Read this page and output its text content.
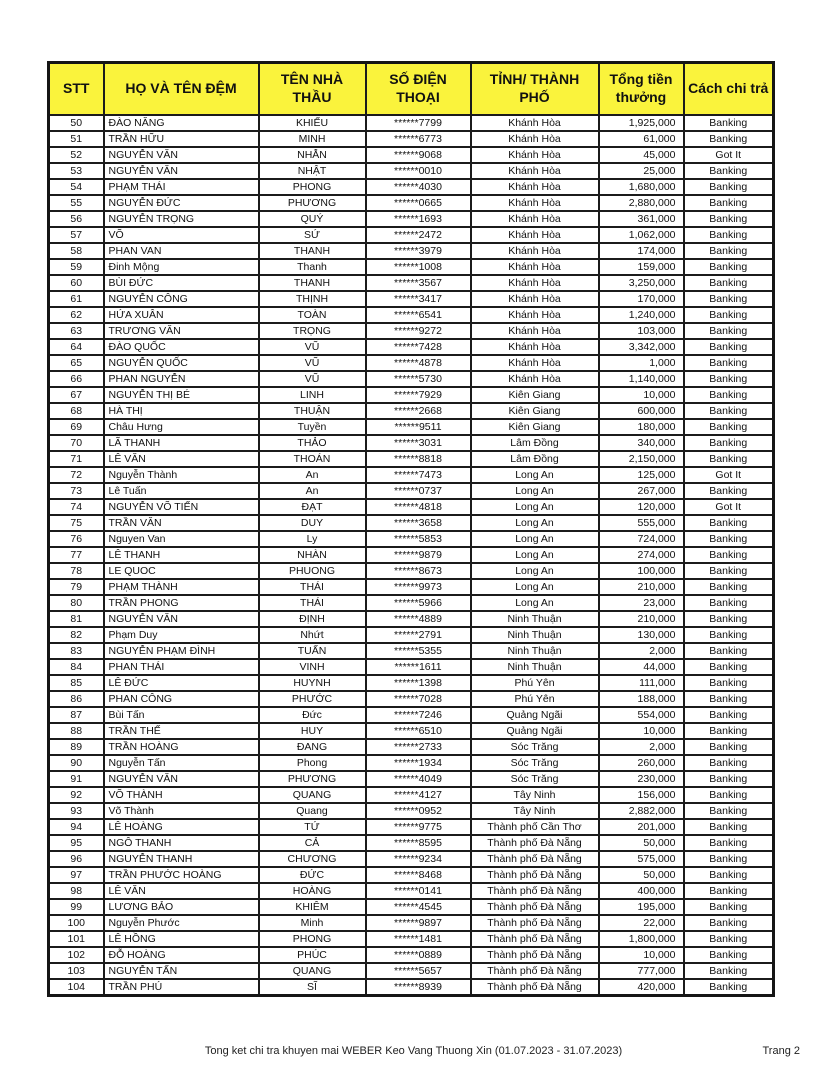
STT	HỌ VÀ TÊN ĐỆM	TÊN NHÀ THẦU	SỐ ĐIỆN THOẠI	TỈNH/ THÀNH PHỐ	Tổng tiền thưởng	Cách chi trả
50	ĐÀO NĂNG	KHIẾU	******7799	Khánh Hòa	1,925,000	Banking
51	TRẦN HỮU	MINH	******6773	Khánh Hòa	61,000	Banking
52	NGUYỄN VĂN	NHẪN	******9068	Khánh Hòa	45,000	Got It
53	NGUYỄN VĂN	NHẬT	******0010	Khánh Hòa	25,000	Banking
54	PHẠM THÁI	PHONG	******4030	Khánh Hòa	1,680,000	Banking
55	NGUYỄN ĐỨC	PHƯƠNG	******0665	Khánh Hòa	2,880,000	Banking
56	NGUYỄN TRỌNG	QUÝ	******1693	Khánh Hòa	361,000	Banking
57	VÕ	SỨ	******2472	Khánh Hòa	1,062,000	Banking
58	PHAN VAN	THANH	******3979	Khánh Hòa	174,000	Banking
59	Đinh Mộng	Thanh	******1008	Khánh Hòa	159,000	Banking
60	BÙI ĐỨC	THANH	******3567	Khánh Hòa	3,250,000	Banking
61	NGUYỄN CÔNG	THỊNH	******3417	Khánh Hòa	170,000	Banking
62	HỨA XUÂN	TOÀN	******6541	Khánh Hòa	1,240,000	Banking
63	TRƯƠNG VĂN	TRỌNG	******9272	Khánh Hòa	103,000	Banking
64	ĐÀO QUỐC	VŨ	******7428	Khánh Hòa	3,342,000	Banking
65	NGUYỄN QUỐC	VŨ	******4878	Khánh Hòa	1,000	Banking
66	PHAN NGUYỄN	VŨ	******5730	Khánh Hòa	1,140,000	Banking
67	NGUYỄN THỊ BÉ	LINH	******7929	Kiên Giang	10,000	Banking
68	HÀ THỊ	THUẬN	******2668	Kiên Giang	600,000	Banking
69	Châu Hưng	Tuyền	******9511	Kiên Giang	180,000	Banking
70	LÃ THANH	THẢO	******3031	Lâm Đồng	340,000	Banking
71	LÊ VĂN	THOÁN	******8818	Lâm Đồng	2,150,000	Banking
72	Nguyễn Thành	An	******7473	Long An	125,000	Got It
73	Lê Tuấn	An	******0737	Long An	267,000	Banking
74	NGUYỄN VÕ TIẾN	ĐẠT	******4818	Long An	120,000	Got It
75	TRẦN VĂN	DUY	******3658	Long An	555,000	Banking
76	Nguyen Van	Ly	******5853	Long An	724,000	Banking
77	LÊ THANH	NHÀN	******9879	Long An	274,000	Banking
78	LE QUOC	PHUONG	******8673	Long An	100,000	Banking
79	PHẠM THÀNH	THÁI	******9973	Long An	210,000	Banking
80	TRẦN PHONG	THÁI	******5966	Long An	23,000	Banking
81	NGUYỄN VĂN	ĐỊNH	******4889	Ninh Thuận	210,000	Banking
82	Phạm Duy	Nhứt	******2791	Ninh Thuận	130,000	Banking
83	NGUYỄN PHẠM ĐÌNH	TUẤN	******5355	Ninh Thuận	2,000	Banking
84	PHAN THÁI	VINH	******1611	Ninh Thuận	44,000	Banking
85	LÊ ĐỨC	HUYNH	******1398	Phú Yên	111,000	Banking
86	PHAN CÔNG	PHƯỚC	******7028	Phú Yên	188,000	Banking
87	Bùi Tấn	Đức	******7246	Quảng Ngãi	554,000	Banking
88	TRẦN THẾ	HUY	******6510	Quảng Ngãi	10,000	Banking
89	TRẦN HOÀNG	ĐANG	******2733	Sóc Trăng	2,000	Banking
90	Nguyễn Tấn	Phong	******1934	Sóc Trăng	260,000	Banking
91	NGUYỄN VĂN	PHƯƠNG	******4049	Sóc Trăng	230,000	Banking
92	VÕ THÀNH	QUANG	******4127	Tây Ninh	156,000	Banking
93	Võ Thành	Quang	******0952	Tây Ninh	2,882,000	Banking
94	LÊ HOÀNG	TỨ	******9775	Thành phố Cần Thơ	201,000	Banking
95	NGÔ THANH	CẢ	******8595	Thành phố Đà Nẵng	50,000	Banking
96	NGUYỄN THANH	CHƯƠNG	******9234	Thành phố Đà Nẵng	575,000	Banking
97	TRẦN PHƯỚC HOÀNG	ĐỨC	******8468	Thành phố Đà Nẵng	50,000	Banking
98	LÊ VĂN	HOÀNG	******0141	Thành phố Đà Nẵng	400,000	Banking
99	LƯƠNG BẢO	KHIÊM	******4545	Thành phố Đà Nẵng	195,000	Banking
100	Nguyễn Phước	Minh	******9897	Thành phố Đà Nẵng	22,000	Banking
101	LÊ HỒNG	PHONG	******1481	Thành phố Đà Nẵng	1,800,000	Banking
102	ĐỖ HOÀNG	PHÚC	******0889	Thành phố Đà Nẵng	10,000	Banking
103	NGUYỄN TẤN	QUANG	******5657	Thành phố Đà Nẵng	777,000	Banking
104	TRẦN PHÚ	SĨ	******8939	Thành phố Đà Nẵng	420,000	Banking
Tong ket chi tra khuyen mai WEBER Keo Vang Thuong Xin (01.07.2023 - 31.07.2023)	Trang 2
